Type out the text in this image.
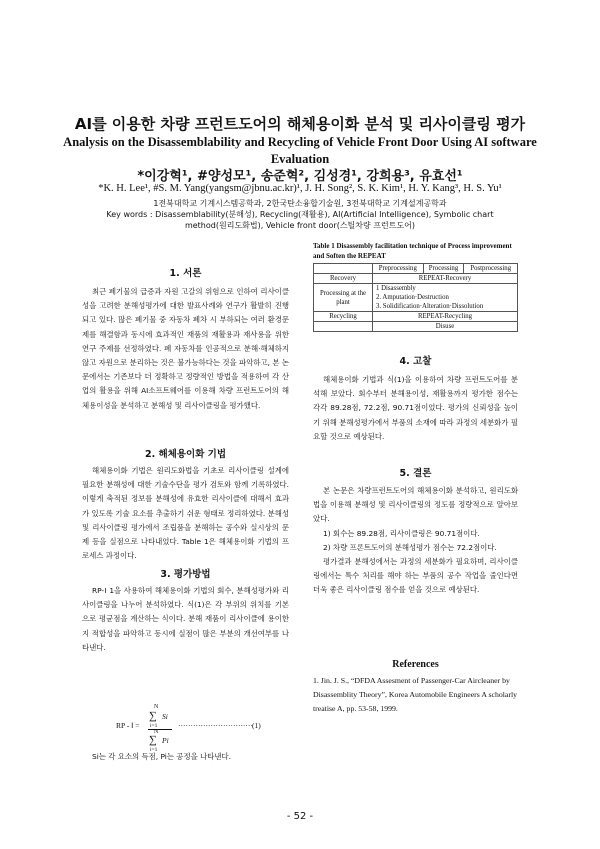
AI를 이용한 차량 프런트도어의 해체용이화 분석 및 리사이클링 평가
Analysis on the Disassemblability and Recycling of Vehicle Front Door Using AI software Evaluation
*이강혁¹, #양성모¹, 송준혁², 김성경¹, 강희용³, 유효선¹
*K. H. Lee¹, #S. M. Yang(yangsm@jbnu.ac.kr)¹, J. H. Song², S. K. Kim¹, H. Y. Kang³, H. S. Yu¹
1전북대학교 기계시스템공학과, 2한국탄소융합기술원, 3전북대학교 기계설계공학과
Key words : Disassemblability(분해성), Recycling(재활용), AI(Artificial Intelligence), Symbolic chart method(원리도화법), Vehicle front door(스틸차량 프런트도어)
1. 서론

최근 폐기물의 급증과 자원 고갈의 위험으로 인하여 리사이클성을 고려한 분해성평가에 대한 발표사례와 연구가 활발히 진행되고 있다. 많은 폐기물 중 자동차 폐차 시 부하되는 여러 환경문제를 해결함과 동시에 효과적인 재품의 재활용과 재사용을 위한 연구 주제를 선정하였다. 폐 자동차를 인공적으로 분해·해체하지 않고 자원으로 분리하는 것은 불가능하다는 것을 파악하고, 본 논문에서는 기존보다 더 정확하고 정량적인 방법을 적용하여 각 산업의 활용을 위해 AI소프트웨어를 이용해 차량 프런트도어의 해체용이성을 분석하고 분해성 및 리사이클링을 평가했다.

2. 해체용이화 기법

해체용이화 기법은 원리도화법을 기초로 리사이클링 설계에 필요한 분해성에 대한 기술수단을 평가 검토와 함께 기록하였다. 이렇게 축적된 정보를 분해성에 유효한 리사이클에 대해서 효과가 있도록 기술 요소를 추출하기 쉬운 형태로 정리하였다. 분해성 및 리사이클링 평가에서 조립품을 분해하는 공수와 실시상의 문제 등을 실점으로 나타내었다. Table 1은 해체용이화 기법의 프로세스 과정이다.

3. 평가방법

RP-Ⅰ 1을 사용하여 해체용이화 기법의 회수, 분해성평가와 리사이클링을 나누어 분석하였다. 식(1)은 각 부위의 위치를 기본으로 평균점을 계산하는 식이다. 분해 재품이 리사이클에 용이한지 적합성을 파악하고 동시에 실점이 많은 부분의 개선여부를 나타낸다.

RP - Ⅰ =
N
∑ Si
i=1
N
∑ Pi
i=1
······························ (1)

Si는 각 요소의 득점, Pi는 공정을 나타낸다.

Table 1 Disassembly facilitation technique of Process improvement and Soften the REPEAT
	Preprocessing	Processing	Postprocessing
Recovery	REPEAT-Recovery		
Processing at the plant	1 Disassembly
2. Amputation·Destruction
3. Solidification·Alteration·Dissolution		

Recycling	REPEAT-Recycling		
	Disuse		
4. 고찰

해체용이화 기법과 식(1)을 이용하여 차량 프런트도어를 분석해 보았다. 회수부터 분해용이성, 재활용까지 평가한 점수는 각각 89.28점, 72.2점, 90.71점이었다. 평가의 신뢰성을 높이기 위해 분해성평가에서 부품의 소재에 따라 과정의 세분화가 필요할 것으로 예상된다.

5. 결론

본 논문은 차량프런트도어의 해체용이화 분석하고, 원리도화법을 이용해 분해성 및 리사이클링의 정도를 정량적으로 알아보았다.

1) 회수는 89.28점, 리사이클링은 90.71점이다.

2) 차량 프론트도어의 분해성평가 점수는 72.2점이다.

평가결과 분해성에서는 과정의 세분화가 필요하며, 리사이클링에서는 특수 처리를 해야 하는 부품의 공수 작업을 줄인다면 더욱 좋은 리사이클링 점수를 얻을 것으로 예상된다.

References
1. Jin. J. S., “DFDA Assesment of Passenger-Car Aircleaner by Disassemblity Theory”, Korea Automobile Engineers A scholarly treatise A, pp. 53-58, 1999.
- 52 -
